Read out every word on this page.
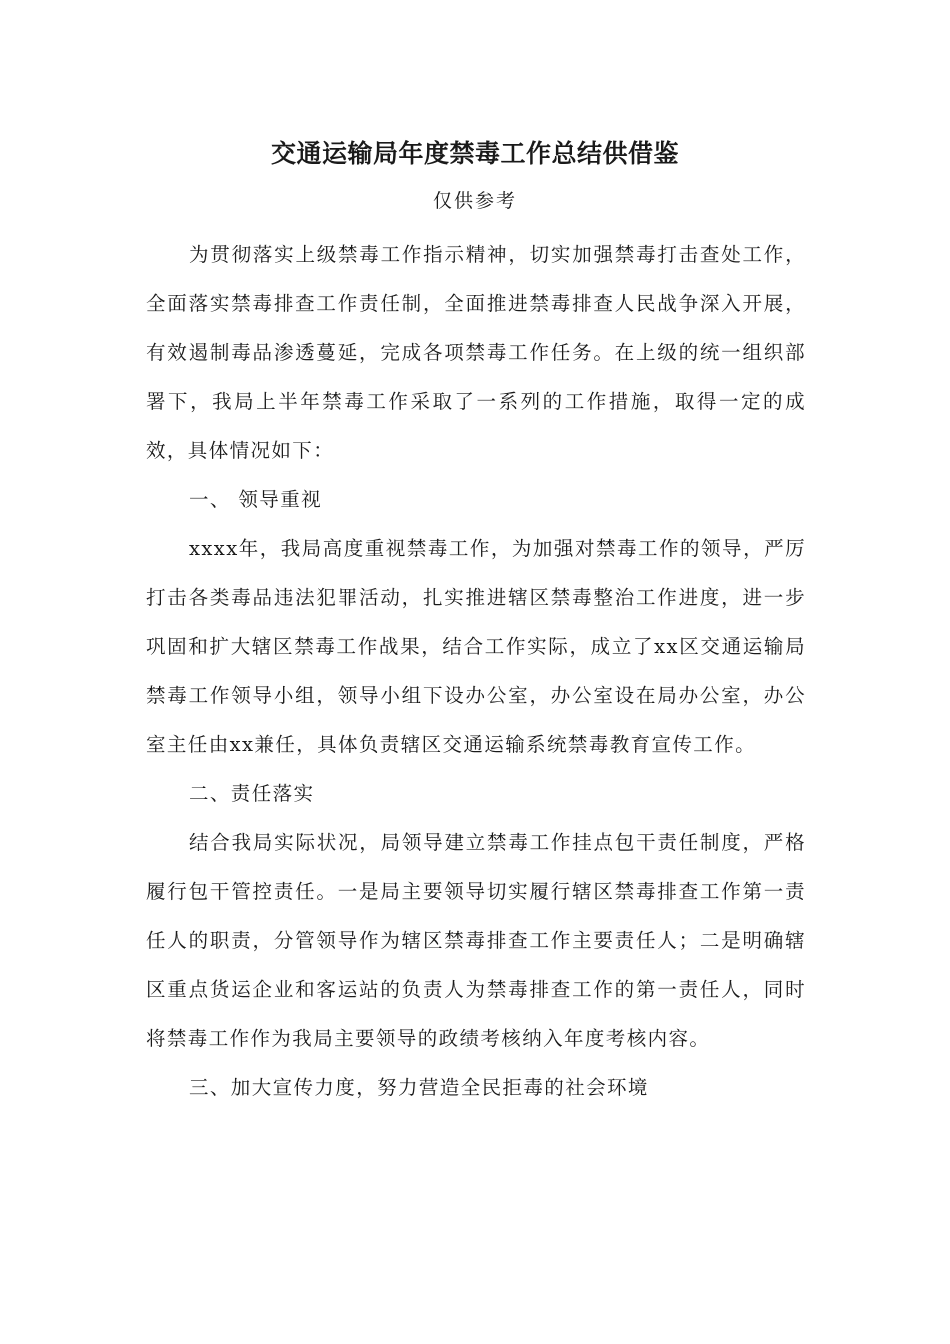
交通运输局年度禁毒工作总结供借鉴
仅供参考

为贯彻落实上级禁毒工作指示精神，切实加强禁毒打击查处工作，全面落实禁毒排查工作责任制，全面推进禁毒排查人民战争深入开展，有效遏制毒品渗透蔓延，完成各项禁毒工作任务。在上级的统一组织部署下，我局上半年禁毒工作采取了一系列的工作措施，取得一定的成效，具体情况如下：

一、 领导重视

xxxx年，我局高度重视禁毒工作，为加强对禁毒工作的领导，严厉打击各类毒品违法犯罪活动，扎实推进辖区禁毒整治工作进度，进一步巩固和扩大辖区禁毒工作战果，结合工作实际，成立了xx区交通运输局禁毒工作领导小组，领导小组下设办公室，办公室设在局办公室，办公室主任由xx兼任，具体负责辖区交通运输系统禁毒教育宣传工作。

二、责任落实

结合我局实际状况，局领导建立禁毒工作挂点包干责任制度，严格履行包干管控责任。一是局主要领导切实履行辖区禁毒排查工作第一责任人的职责，分管领导作为辖区禁毒排查工作主要责任人；二是明确辖区重点货运企业和客运站的负责人为禁毒排查工作的第一责任人，同时将禁毒工作作为我局主要领导的政绩考核纳入年度考核内容。

三、加大宣传力度，努力营造全民拒毒的社会环境
